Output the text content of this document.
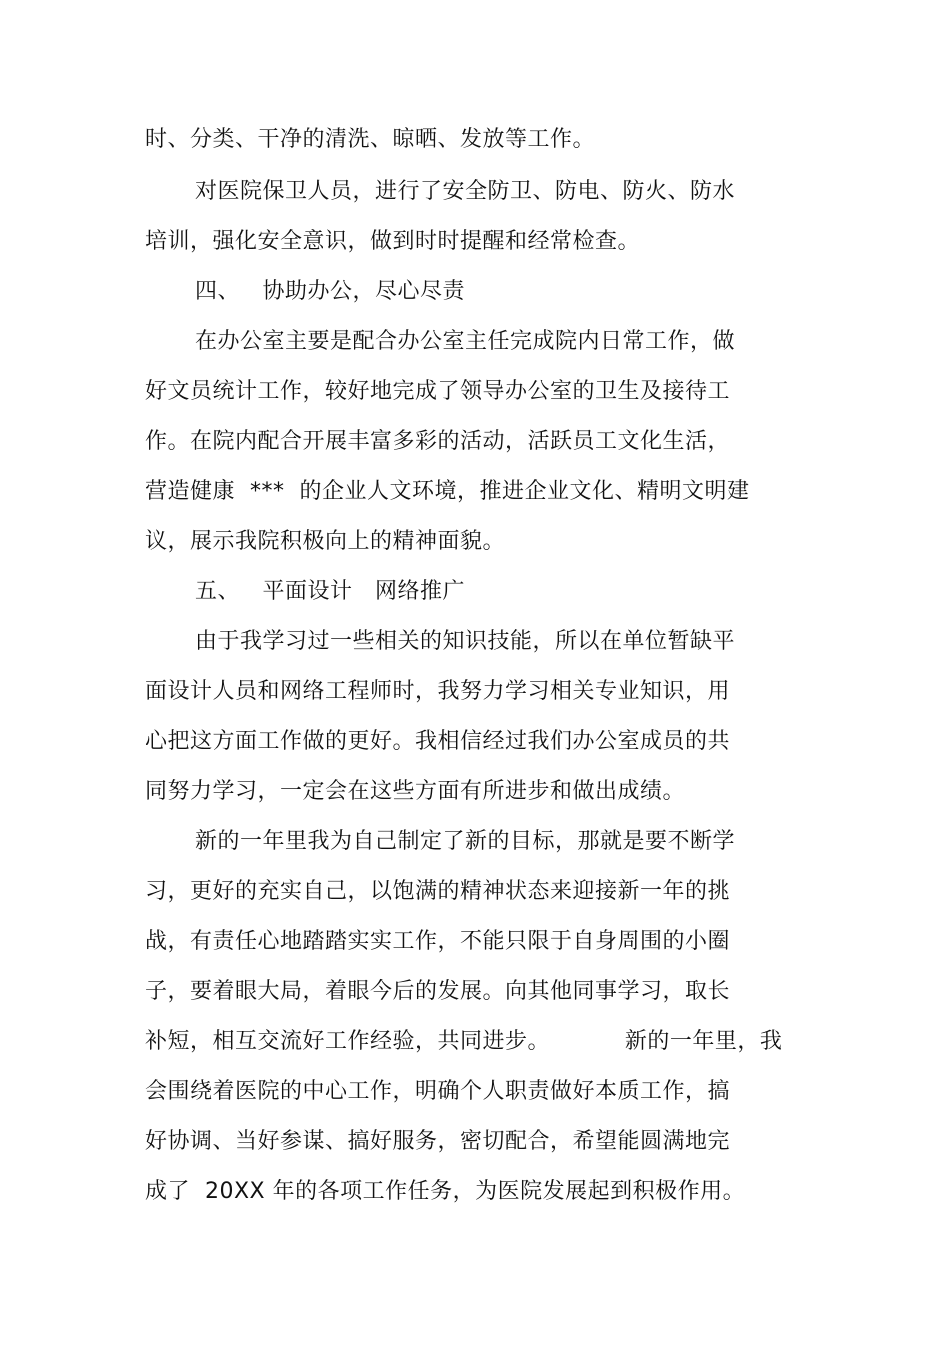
时、分类、干净的清洗、晾晒、发放等工作。

对医院保卫人员，进行了安全防卫、防电、防火、防水

培训，强化安全意识，做到时时提醒和经常检查。

四、   协助办公，尽心尽责

在办公室主要是配合办公室主任完成院内日常工作，做

好文员统计工作，较好地完成了领导办公室的卫生及接待工

作。在院内配合开展丰富多彩的活动，活跃员工文化生活，

营造健康  ***  的企业人文环境，推进企业文化、精明文明建

议，展示我院积极向上的精神面貌。

五、   平面设计   网络推广

由于我学习过一些相关的知识技能，所以在单位暂缺平

面设计人员和网络工程师时，我努力学习相关专业知识，用

心把这方面工作做的更好。我相信经过我们办公室成员的共

同努力学习，一定会在这些方面有所进步和做出成绩。

新的一年里我为自己制定了新的目标，那就是要不断学

习，更好的充实自己，以饱满的精神状态来迎接新一年的挑

战，有责任心地踏踏实实工作，不能只限于自身周围的小圈

子，要着眼大局，着眼今后的发展。向其他同事学习，取长

补短，相互交流好工作经验，共同进步。          新的一年里，我

会围绕着医院的中心工作，明确个人职责做好本质工作，搞

好协调、当好参谋、搞好服务，密切配合，希望能圆满地完

成了  20XX 年的各项工作任务，为医院发展起到积极作用。
